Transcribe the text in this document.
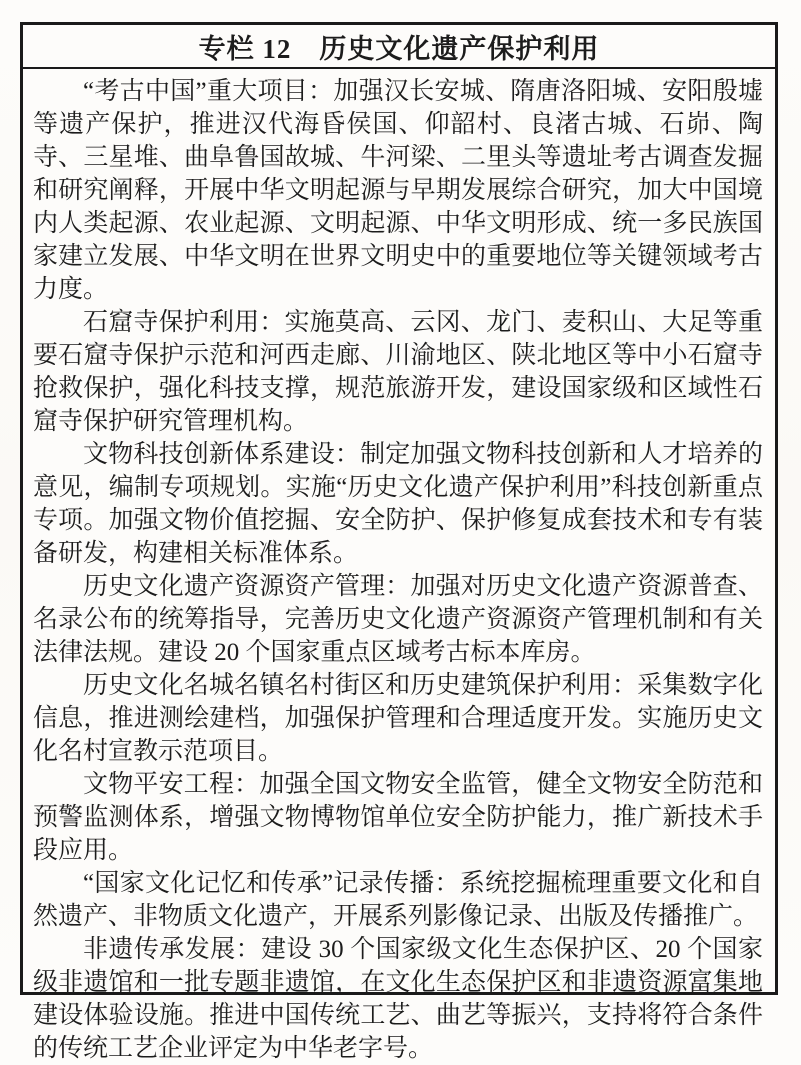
专栏 12　历史文化遗产保护利用

“考古中国”重大项目：加强汉长安城、隋唐洛阳城、安阳殷墟等遗产保护，推进汉代海昏侯国、仰韶村、良渚古城、石峁、陶寺、三星堆、曲阜鲁国故城、牛河梁、二里头等遗址考古调查发掘和研究阐释，开展中华文明起源与早期发展综合研究，加大中国境内人类起源、农业起源、文明起源、中华文明形成、统一多民族国家建立发展、中华文明在世界文明史中的重要地位等关键领域考古力度。

石窟寺保护利用：实施莫高、云冈、龙门、麦积山、大足等重要石窟寺保护示范和河西走廊、川渝地区、陕北地区等中小石窟寺抢救保护，强化科技支撑，规范旅游开发，建设国家级和区域性石窟寺保护研究管理机构。

文物科技创新体系建设：制定加强文物科技创新和人才培养的意见，编制专项规划。实施“历史文化遗产保护利用”科技创新重点专项。加强文物价值挖掘、安全防护、保护修复成套技术和专有装备研发，构建相关标准体系。

历史文化遗产资源资产管理：加强对历史文化遗产资源普查、名录公布的统筹指导，完善历史文化遗产资源资产管理机制和有关法律法规。建设 20 个国家重点区域考古标本库房。

历史文化名城名镇名村街区和历史建筑保护利用：采集数字化信息，推进测绘建档，加强保护管理和合理适度开发。实施历史文化名村宣教示范项目。

文物平安工程：加强全国文物安全监管，健全文物安全防范和预警监测体系，增强文物博物馆单位安全防护能力，推广新技术手段应用。

“国家文化记忆和传承”记录传播：系统挖掘梳理重要文化和自然遗产、非物质文化遗产，开展系列影像记录、出版及传播推广。

非遗传承发展：建设 30 个国家级文化生态保护区、20 个国家级非遗馆和一批专题非遗馆，在文化生态保护区和非遗资源富集地建设体验设施。推进中国传统工艺、曲艺等振兴，支持将符合条件的传统工艺企业评定为中华老字号。
